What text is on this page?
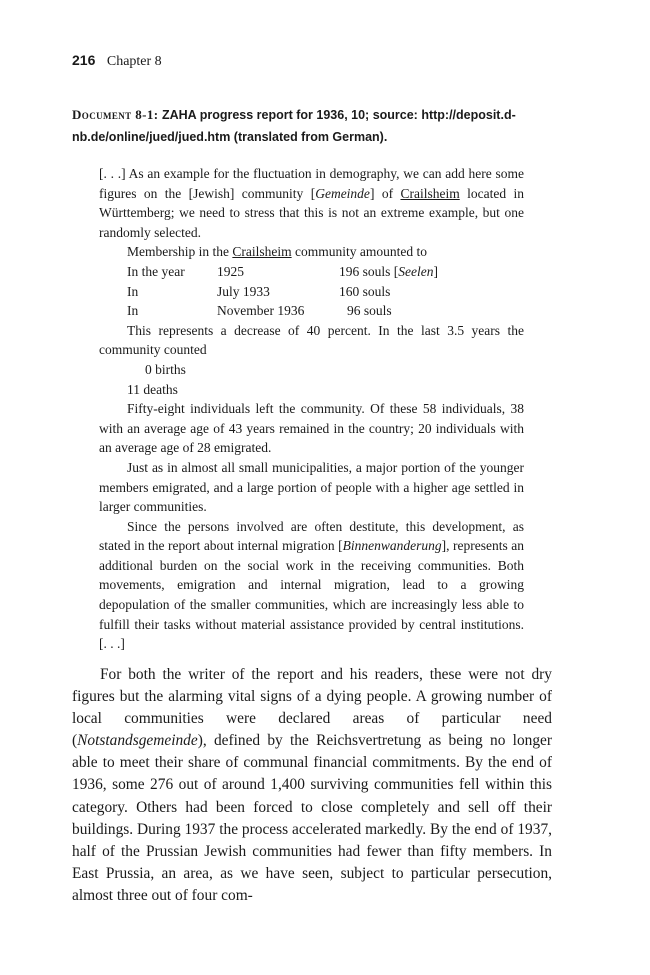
216 Chapter 8
Document 8-1: ZAHA progress report for 1936, 10; source: http://deposit.d-nb.de/online/jued/jued.htm (translated from German).

[. . .] As an example for the fluctuation in demography, we can add here some figures on the [Jewish] community [Gemeinde] of Crailsheim located in Württemberg; we need to stress that this is not an extreme example, but one randomly selected.

Membership in the Crailsheim community amounted to

In the year	1925	196 souls [Seelen]
In	July 1933	160 souls
In	November 1936	96 souls

This represents a decrease of 40 percent. In the last 3.5 years the community counted

0 births
11 deaths

Fifty-eight individuals left the community. Of these 58 individuals, 38 with an average age of 43 years remained in the country; 20 individuals with an average age of 28 emigrated.

Just as in almost all small municipalities, a major portion of the younger members emigrated, and a large portion of people with a higher age settled in larger communities.

Since the persons involved are often destitute, this development, as stated in the report about internal migration [Binnenwanderung], represents an additional burden on the social work in the receiving communities. Both movements, emigration and internal migration, lead to a growing depopulation of the smaller communities, which are increasingly less able to fulfill their tasks without material assistance provided by central institutions. [. . .]

For both the writer of the report and his readers, these were not dry figures but the alarming vital signs of a dying people. A growing number of local communities were declared areas of particular need (Notstandsgemeinde), defined by the Reichsvertretung as being no longer able to meet their share of communal financial commitments. By the end of 1936, some 276 out of around 1,400 surviving communities fell within this category. Others had been forced to close completely and sell off their buildings. During 1937 the process accelerated markedly. By the end of 1937, half of the Prussian Jewish communities had fewer than fifty members. In East Prussia, an area, as we have seen, subject to particular persecution, almost three out of four com-
